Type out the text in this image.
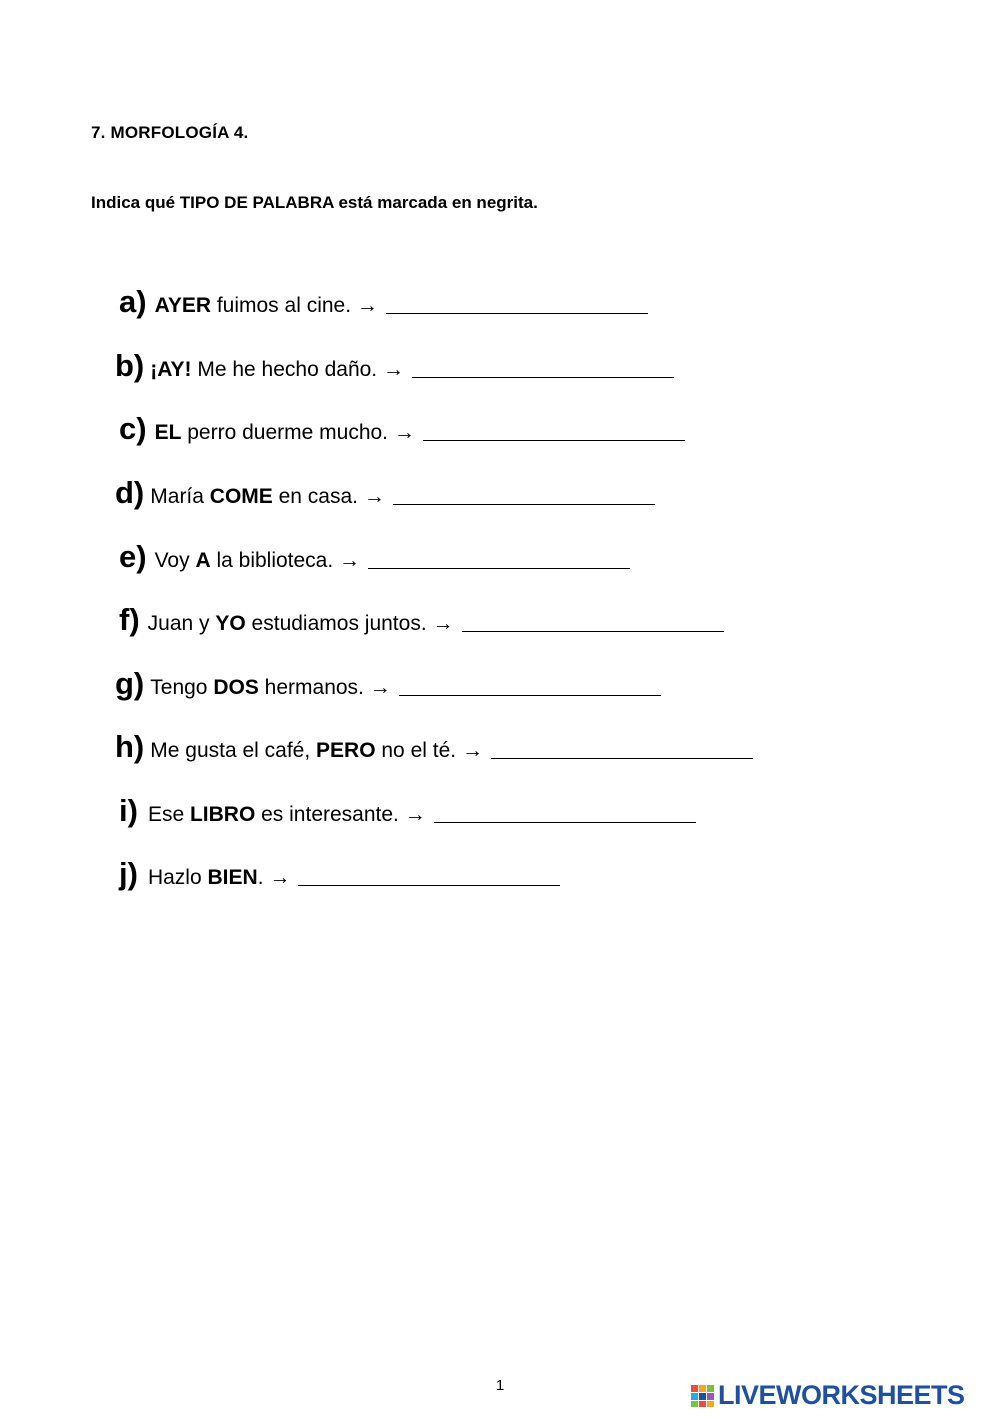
7. MORFOLOGÍA 4.
Indica qué TIPO DE PALABRA está marcada en negrita.
a) AYER fuimos al cine. →
b) ¡AY! Me he hecho daño. →
c) EL perro duerme mucho. →
d) María COME en casa. →
e) Voy A la biblioteca. →
f) Juan y YO estudiamos juntos. →
g) Tengo DOS hermanos. →
h) Me gusta el café, PERO no el té. →
i) Ese LIBRO es interesante. →
j) Hazlo BIEN. →
1	LIVEWORKSHEETS
